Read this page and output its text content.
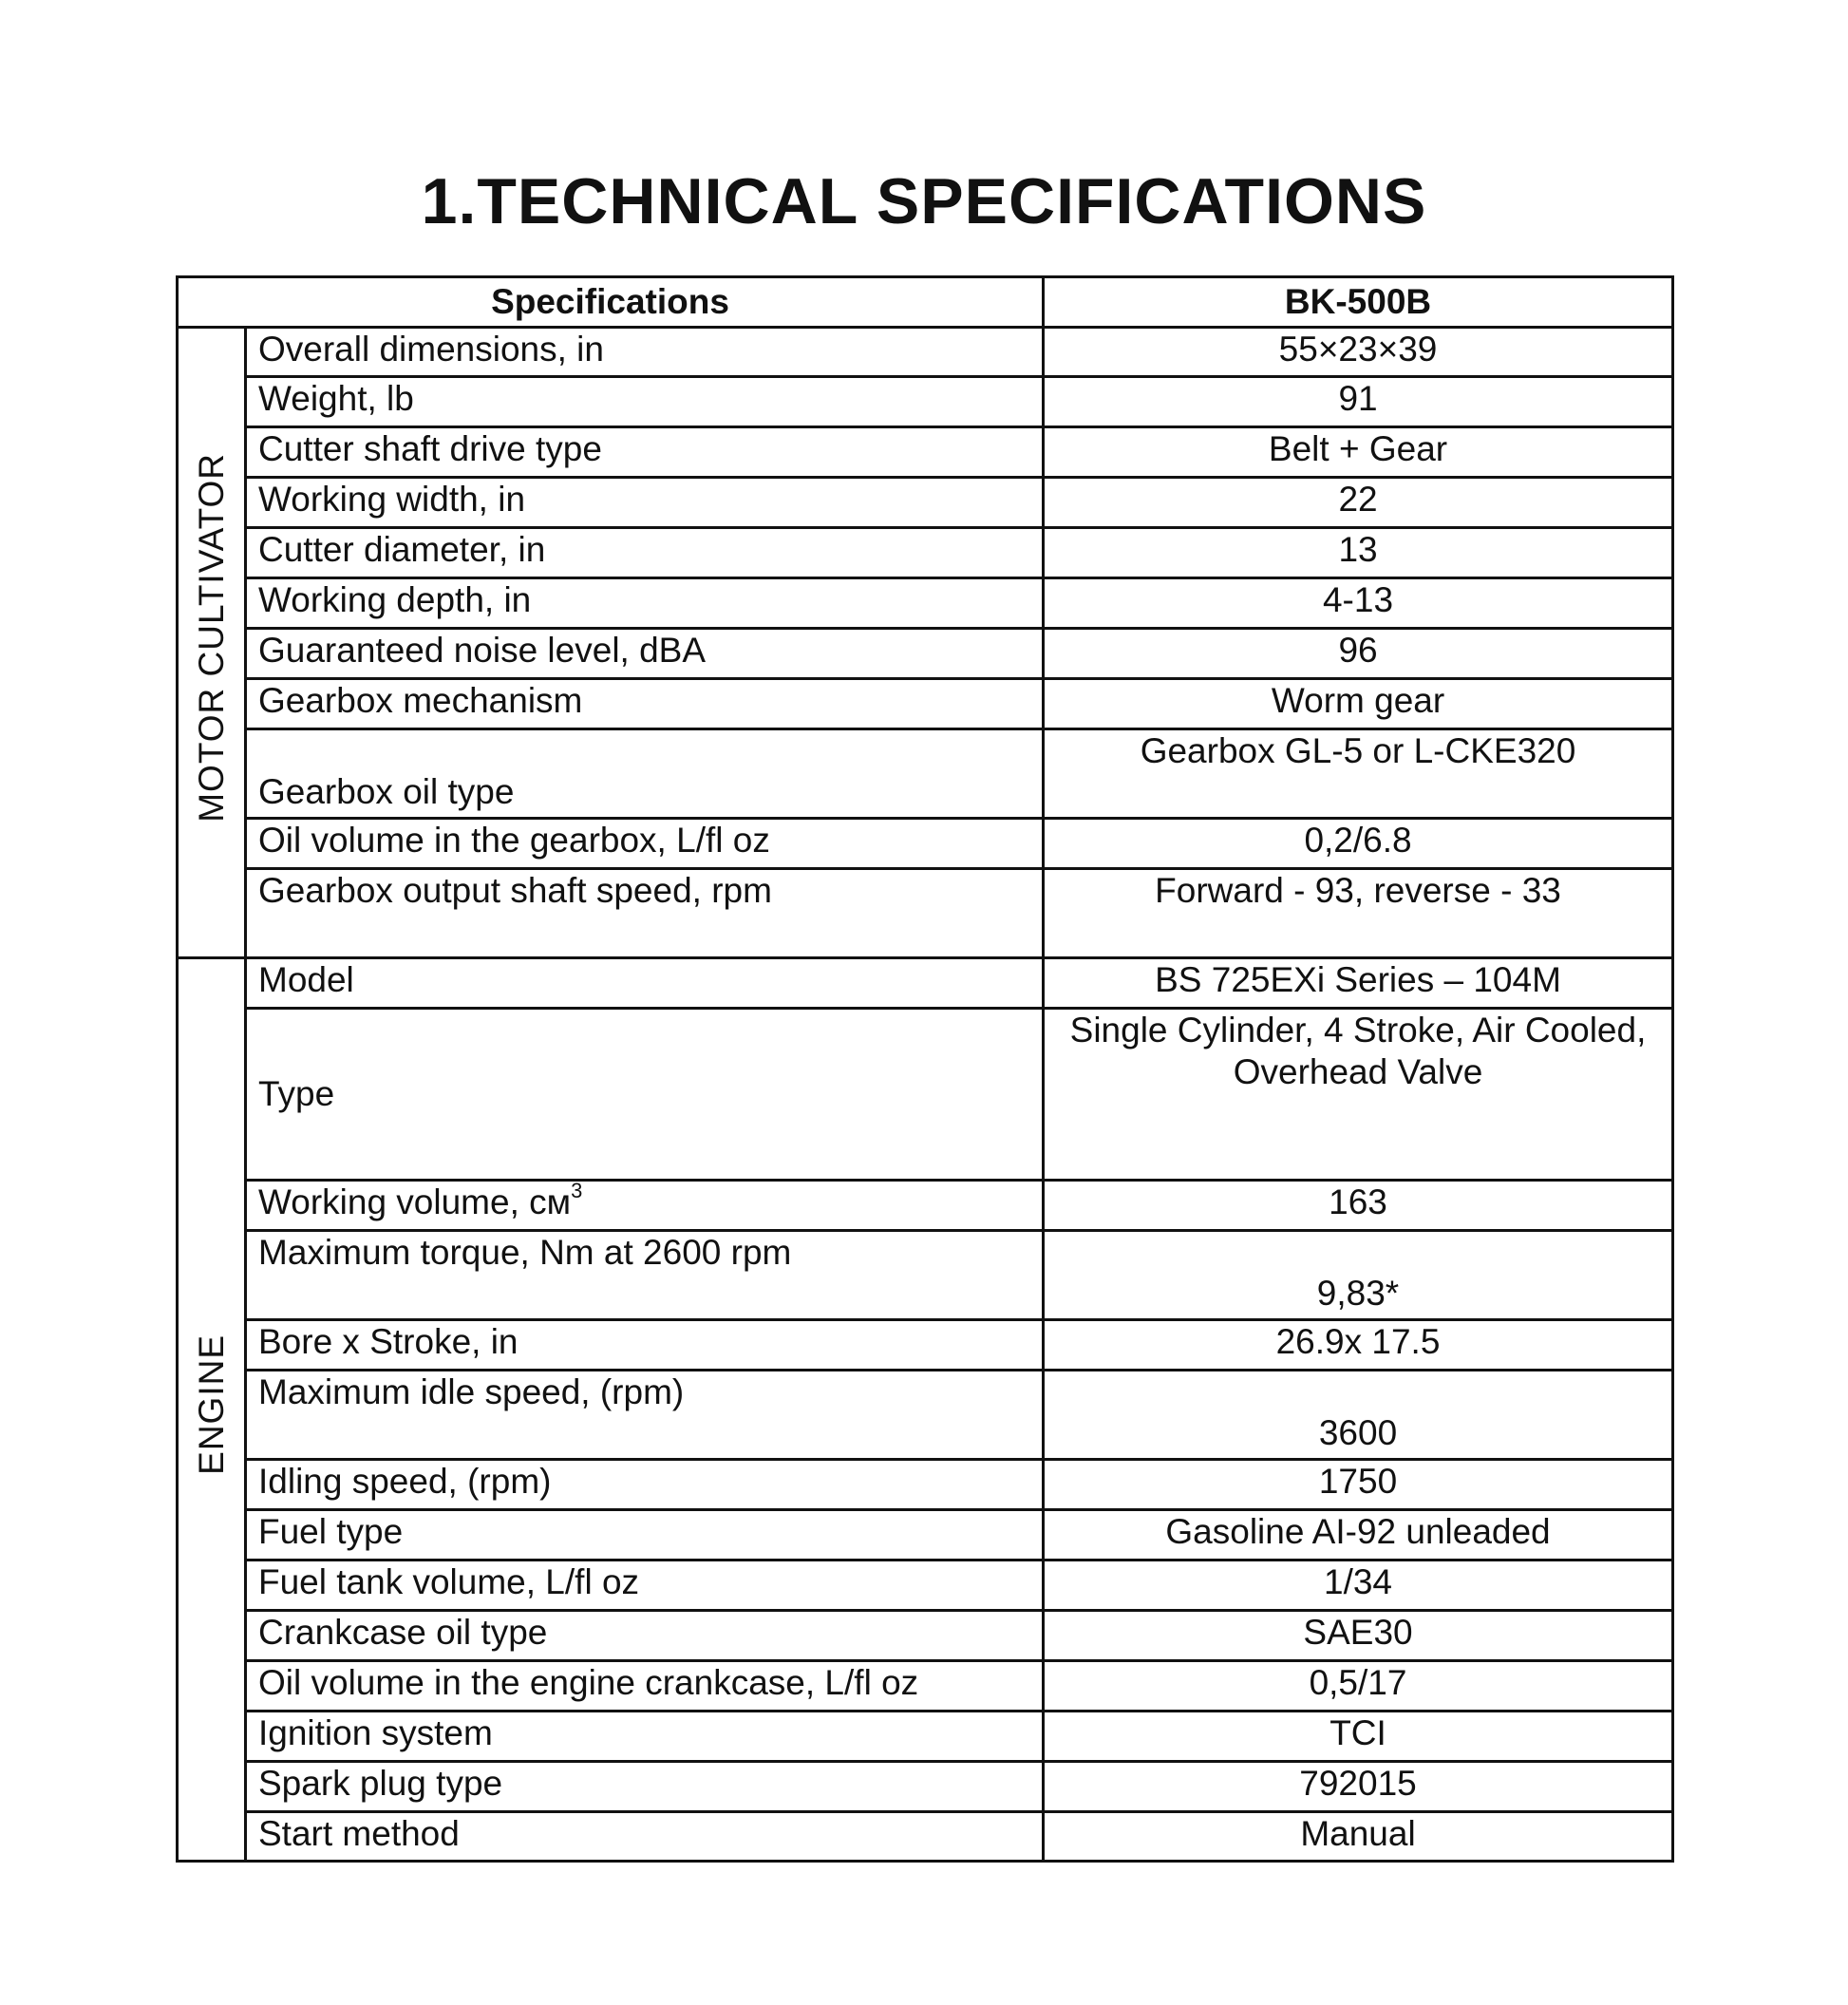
1.TECHNICAL SPECIFICATIONS
Specifications		BK-500B
MOTOR CULTIVATOR	Overall dimensions, in	55×23×39
	Weight, lb	91
	Cutter shaft drive type	Belt + Gear
	Working width, in	22
	Cutter diameter, in	13
	Working depth, in	4-13
	Guaranteed noise level, dBA	96
	Gearbox mechanism	Worm gear
	Gearbox oil type	Gearbox GL-5 or L-CKE320
	Oil volume in the gearbox, L/fl oz	0,2/6.8
	Gearbox output shaft speed, rpm	Forward - 93, reverse - 33
ENGINE	Model	BS 725EXi Series – 104M
	Type	Single Cylinder, 4 Stroke, Air Cooled, Overhead Valve
	Working volume, $см^3$	163
	Maximum torque, Nm at 2600 rpm	9,83*
	Bore x Stroke, in	26.9x 17.5
	Maximum idle speed, (rpm)	3600
	Idling speed, (rpm)	1750
	Fuel type	Gasoline AI-92 unleaded
	Fuel tank volume, L/fl oz	1/34
	Crankcase oil type	SAE30
	Oil volume in the engine crankcase, L/fl oz	0,5/17
	Ignition system	TCI
	Spark plug type	792015
	Start method	Manual
